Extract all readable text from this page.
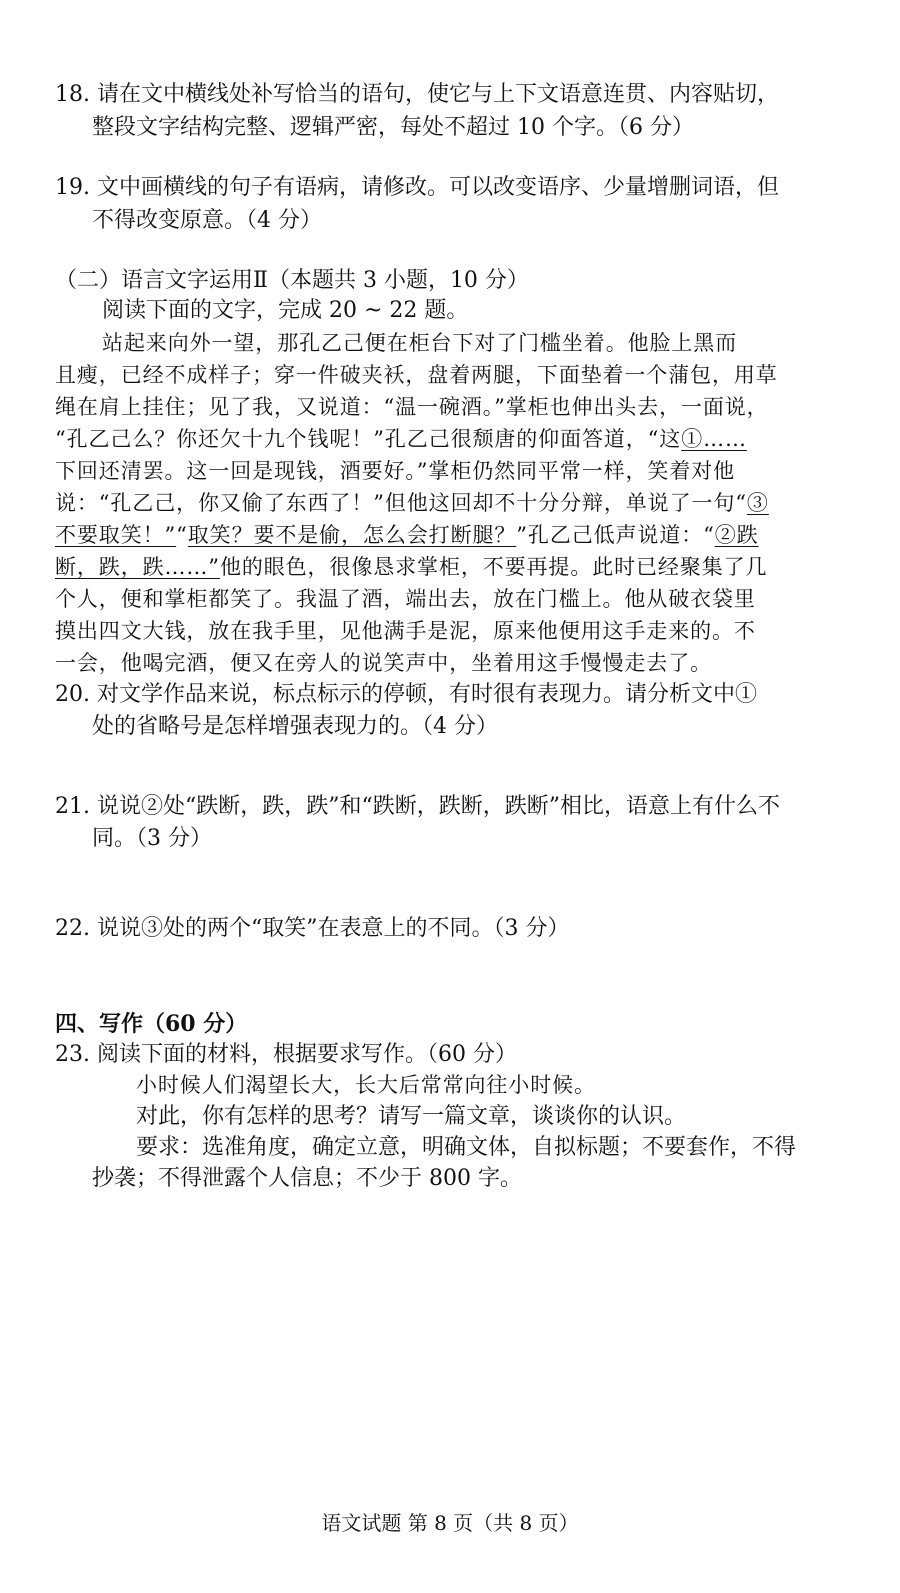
18. 请在文中横线处补写恰当的语句，使它与上下文语意连贯、内容贴切，
整段文字结构完整、逻辑严密，每处不超过 10 个字。（6 分）
19. 文中画横线的句子有语病，请修改。可以改变语序、少量增删词语，但
不得改变原意。（4 分）
（二）语言文字运用Ⅱ（本题共 3 小题，10 分）
阅读下面的文字，完成 20 ~ 22 题。
站起来向外一望，那孔乙己便在柜台下对了门槛坐着。他脸上黑而
且瘦，已经不成样子；穿一件破夹袄，盘着两腿，下面垫着一个蒲包，用草
绳在肩上挂住；见了我，又说道：“温一碗酒。”掌柜也伸出头去，一面说，
“孔乙己么？你还欠十九个钱呢！”孔乙己很颓唐的仰面答道，“这①……
下回还清罢。这一回是现钱，酒要好。”掌柜仍然同平常一样，笑着对他
说：“孔乙己，你又偷了东西了！”但他这回却不十分分辩，单说了一句“③
不要取笑！”“取笑？要不是偷，怎么会打断腿？”孔乙己低声说道：“②跌
断，跌，跌……”他的眼色，很像恳求掌柜，不要再提。此时已经聚集了几
个人，便和掌柜都笑了。我温了酒，端出去，放在门槛上。他从破衣袋里
摸出四文大钱，放在我手里，见他满手是泥，原来他便用这手走来的。不
一会，他喝完酒，便又在旁人的说笑声中，坐着用这手慢慢走去了。
20. 对文学作品来说，标点标示的停顿，有时很有表现力。请分析文中①
处的省略号是怎样增强表现力的。（4 分）
21. 说说②处“跌断，跌，跌”和“跌断，跌断，跌断”相比，语意上有什么不
同。（3 分）
22. 说说③处的两个“取笑”在表意上的不同。（3 分）
四、写作（60 分）
23. 阅读下面的材料，根据要求写作。（60 分）
小时候人们渴望长大，长大后常常向往小时候。
对此，你有怎样的思考？请写一篇文章，谈谈你的认识。
要求：选准角度，确定立意，明确文体，自拟标题；不要套作，不得
抄袭；不得泄露个人信息；不少于 800 字。
语文试题 第 8 页（共 8 页）
